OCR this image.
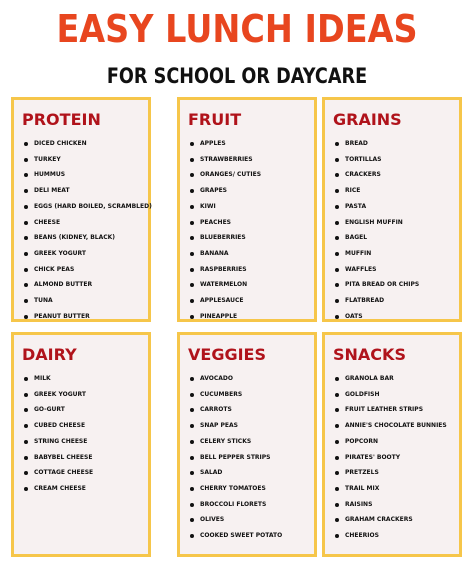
EASY LUNCH IDEAS
FOR SCHOOL OR DAYCARE
PROTEIN
DICED CHICKEN
TURKEY
HUMMUS
DELI MEAT
EGGS (HARD BOILED, SCRAMBLED)
CHEESE
BEANS (KIDNEY, BLACK)
GREEK YOGURT
CHICK PEAS
ALMOND BUTTER
TUNA
PEANUT BUTTER
FRUIT
APPLES
STRAWBERRIES
ORANGES/ CUTIES
GRAPES
KIWI
PEACHES
BLUEBERRIES
BANANA
RASPBERRIES
WATERMELON
APPLESAUCE
PINEAPPLE
GRAINS
BREAD
TORTILLAS
CRACKERS
RICE
PASTA
ENGLISH MUFFIN
BAGEL
MUFFIN
WAFFLES
PITA BREAD OR CHIPS
FLATBREAD
OATS
DAIRY
MILK
GREEK YOGURT
GO-GURT
CUBED CHEESE
STRING CHEESE
BABYBEL CHEESE
COTTAGE CHEESE
CREAM CHEESE
VEGGIES
AVOCADO
CUCUMBERS
CARROTS
SNAP PEAS
CELERY STICKS
BELL PEPPER STRIPS
SALAD
CHERRY TOMATOES
BROCCOLI FLORETS
OLIVES
COOKED SWEET POTATO
SNACKS
GRANOLA BAR
GOLDFISH
FRUIT LEATHER STRIPS
ANNIE'S CHOCOLATE BUNNIES
POPCORN
PIRATES' BOOTY
PRETZELS
TRAIL MIX
RAISINS
GRAHAM CRACKERS
CHEERIOS
